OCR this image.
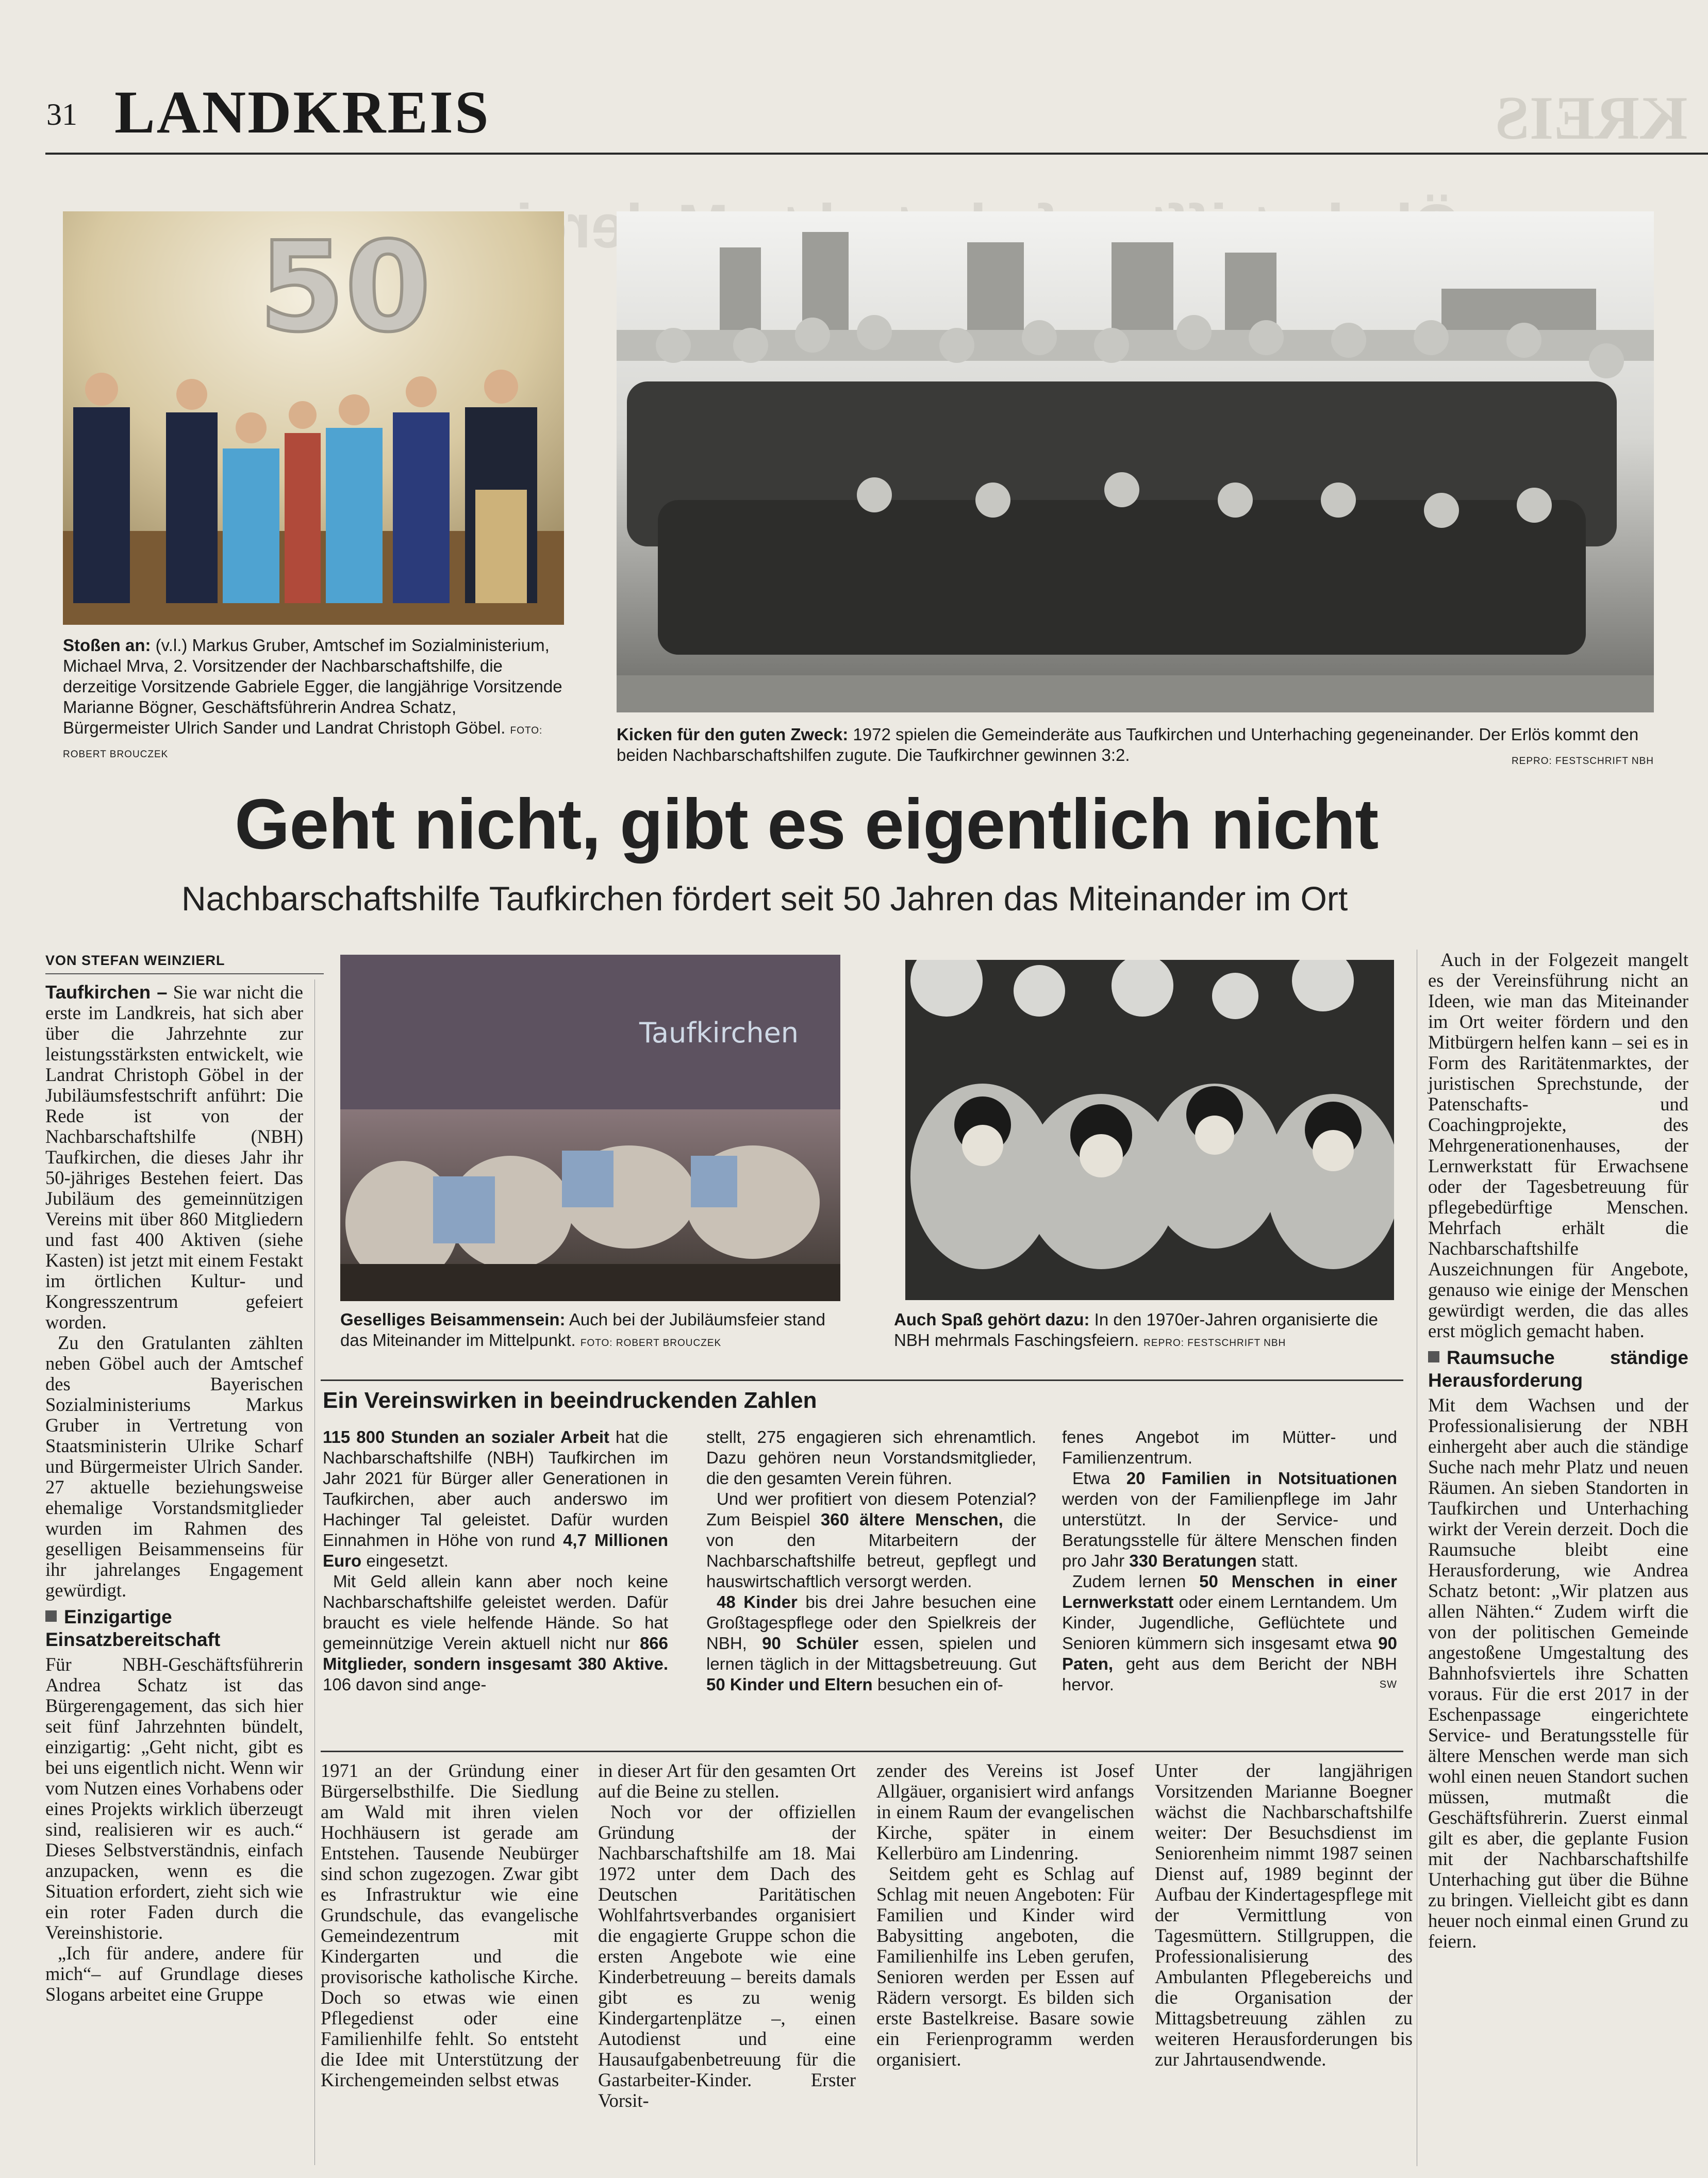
KREIS
31 LANDKREIS
50
Stoßen an: (v.l.) Markus Gruber, Amtschef im Sozialministerium, Michael Mrva, 2. Vorsitzender der Nachbarschaftshilfe, die derzeitige Vorsitzende Gabriele Egger, die langjährige Vorsitzende Marianne Bögner, Geschäftsführerin Andrea Schatz, Bürgermeister Ulrich Sander und Landrat Christoph Göbel. FOTO: ROBERT BROUCZEK
Kicken für den guten Zweck: 1972 spielen die Gemeinderäte aus Taufkirchen und Unterhaching gegeneinander. Der Erlös kommt den beiden Nachbarschaftshilfen zugute. Die Taufkirchner gewinnen 3:2.	REPRO: FESTSCHRIFT NBH
Geht nicht, gibt es eigentlich nicht
Nachbarschaftshilfe Taufkirchen fördert seit 50 Jahren das Miteinander im Ort
VON STEFAN WEINZIERL

Taufkirchen – Sie war nicht die erste im Landkreis, hat sich aber über die Jahrzehnte zur leistungsstärksten entwickelt, wie Landrat Christoph Göbel in der Jubiläumsfestschrift anführt: Die Rede ist von der Nachbarschaftshilfe (NBH) Taufkirchen, die dieses Jahr ihr 50-jähriges Bestehen feiert. Das Jubiläum des gemeinnützigen Vereins mit über 860 Mitgliedern und fast 400 Aktiven (siehe Kasten) ist jetzt mit einem Festakt im örtlichen Kultur- und Kongresszentrum gefeiert worden.

Zu den Gratulanten zählten neben Göbel auch der Amtschef des Bayerischen Sozialministeriums Markus Gruber in Vertretung von Staatsministerin Ulrike Scharf und Bürgermeister Ulrich Sander. 27 aktuelle beziehungsweise ehemalige Vorstandsmitglieder wurden im Rahmen des geselligen Beisammenseins für ihr jahrelanges Engagement gewürdigt.

Einzigartige Einsatzbereitschaft

Für NBH-Geschäftsführerin Andrea Schatz ist das Bürgerengagement, das sich hier seit fünf Jahrzehnten bündelt, einzigartig: „Geht nicht, gibt es bei uns eigentlich nicht. Wenn wir vom Nutzen eines Vorhabens oder eines Projekts wirklich überzeugt sind, realisieren wir es auch.“ Dieses Selbstverständnis, einfach anzupacken, wenn es die Situation erfordert, zieht sich wie ein roter Faden durch die Vereinshistorie.

„Ich für andere, andere für mich“– auf Grundlage dieses Slogans arbeitet eine Gruppe

Taufkirchen
Geselliges Beisammensein: Auch bei der Jubiläumsfeier stand das Miteinander im Mittelpunkt. FOTO: ROBERT BROUCZEK
Auch Spaß gehört dazu: In den 1970er-Jahren organisierte die NBH mehrmals Faschingsfeiern. REPRO: FESTSCHRIFT NBH
Ein Vereinswirken in beeindruckenden Zahlen

115 800 Stunden an sozialer Arbeit hat die Nachbarschaftshilfe (NBH) Taufkirchen im Jahr 2021 für Bürger aller Generationen in Taufkirchen, aber auch anderswo im Hachinger Tal geleistet. Dafür wurden Einnahmen in Höhe von rund 4,7 Millionen Euro eingesetzt.

Mit Geld allein kann aber noch keine Nachbarschaftshilfe geleistet werden. Dafür braucht es viele helfende Hände. So hat gemeinnützige Verein aktuell nicht nur 866 Mitglieder, sondern insgesamt 380 Aktive. 106 davon sind ange-

stellt, 275 engagieren sich ehrenamtlich. Dazu gehören neun Vorstandsmitglieder, die den gesamten Verein führen.

Und wer profitiert von diesem Potenzial? Zum Beispiel 360 ältere Menschen, die von den Mitarbeitern der Nachbarschaftshilfe betreut, gepflegt und hauswirtschaftlich versorgt werden.

48 Kinder bis drei Jahre besuchen eine Großtagespflege oder den Spielkreis der NBH, 90 Schüler essen, spielen und lernen täglich in der Mittagsbetreuung. Gut 50 Kinder und Eltern besuchen ein of-

fenes Angebot im Mütter- und Familienzentrum.

Etwa 20 Familien in Notsituationen werden von der Familienpflege im Jahr unterstützt. In der Service- und Beratungsstelle für ältere Menschen finden pro Jahr 330 Beratungen statt.

Zudem lernen 50 Menschen in einer Lernwerkstatt oder einem Lerntandem. Um Kinder, Jugendliche, Geflüchtete und Senioren kümmern sich insgesamt etwa 90 Paten, geht aus dem Bericht der NBH hervor.	SW

1971 an der Gründung einer Bürgerselbsthilfe. Die Siedlung am Wald mit ihren vielen Hochhäusern ist gerade am Entstehen. Tausende Neubürger sind schon zugezogen. Zwar gibt es Infrastruktur wie eine Grundschule, das evangelische Gemeindezentrum mit Kindergarten und die provisorische katholische Kirche. Doch so etwas wie einen Pflegedienst oder eine Familienhilfe fehlt. So entsteht die Idee mit Unterstützung der Kirchengemeinden selbst etwas

in dieser Art für den gesamten Ort auf die Beine zu stellen.

Noch vor der offiziellen Gründung der Nachbarschaftshilfe am 18. Mai 1972 unter dem Dach des Deutschen Paritätischen Wohlfahrtsverbandes organisiert die engagierte Gruppe schon die ersten Angebote wie eine Kinderbetreuung – bereits damals gibt es zu wenig Kindergartenplätze –, einen Autodienst und eine Hausaufgabenbetreuung für die Gastarbeiter-Kinder. Erster Vorsit-

zender des Vereins ist Josef Allgäuer, organisiert wird anfangs in einem Raum der evangelischen Kirche, später in einem Kellerbüro am Lindenring.

Seitdem geht es Schlag auf Schlag mit neuen Angeboten: Für Familien und Kinder wird Babysitting angeboten, die Familienhilfe ins Leben gerufen, Senioren werden per Essen auf Rädern versorgt. Es bilden sich erste Bastelkreise. Basare sowie ein Ferienprogramm werden organisiert.

Unter der langjährigen Vorsitzenden Marianne Boegner wächst die Nachbarschaftshilfe weiter: Der Besuchsdienst im Seniorenheim nimmt 1987 seinen Dienst auf, 1989 beginnt der Aufbau der Kindertagespflege mit der Vermittlung von Tagesmüttern. Stillgruppen, die Professionalisierung des Ambulanten Pflegebereichs und die Organisation der Mittagsbetreuung zählen zu weiteren Herausforderungen bis zur Jahrtausendwende.

Auch in der Folgezeit mangelt es der Vereinsführung nicht an Ideen, wie man das Miteinander im Ort weiter fördern und den Mitbürgern helfen kann – sei es in Form des Raritätenmarktes, der juristischen Sprechstunde, der Patenschafts- und Coachingprojekte, des Mehrgenerationenhauses, der Lernwerkstatt für Erwachsene oder der Tagesbetreuung für pflegebedürftige Menschen. Mehrfach erhält die Nachbarschaftshilfe Auszeichnungen für Angebote, genauso wie einige der Menschen gewürdigt werden, die das alles erst möglich gemacht haben.

Raumsuche ständige Herausforderung

Mit dem Wachsen und der Professionalisierung der NBH einhergeht aber auch die ständige Suche nach mehr Platz und neuen Räumen. An sieben Standorten in Taufkirchen und Unterhaching wirkt der Verein derzeit. Doch die Raumsuche bleibt eine Herausforderung, wie Andrea Schatz betont: „Wir platzen aus allen Nähten.“ Zudem wirft die von der politischen Gemeinde angestoßene Umgestaltung des Bahnhofsviertels ihre Schatten voraus. Für die erst 2017 in der Eschenpassage eingerichtete Service- und Beratungsstelle für ältere Menschen werde man sich wohl einen neuen Standort suchen müssen, mutmaßt die Geschäftsführerin. Zuerst einmal gilt es aber, die geplante Fusion mit der Nachbarschaftshilfe Unterhaching gut über die Bühne zu bringen. Vielleicht gibt es dann heuer noch einmal einen Grund zu feiern.
